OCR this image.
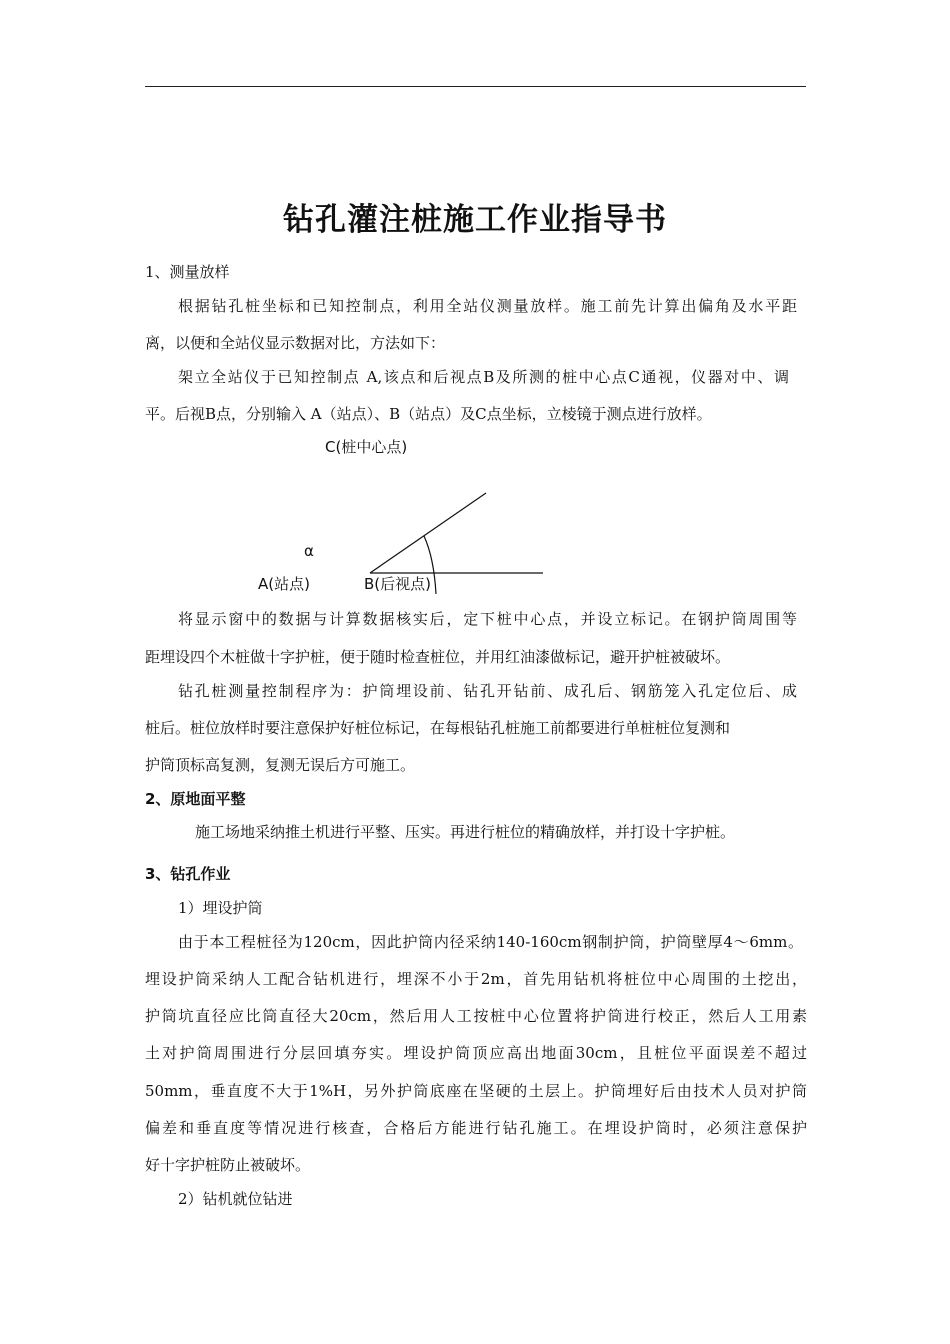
钻孔灌注桩施工作业指导书

1、测量放样

根据钻孔桩坐标和已知控制点，利用全站仪测量放样。施工前先计算出偏角及水平距

离，以便和全站仪显示数据对比，方法如下：

架立全站仪于已知控制点 A,该点和后视点B及所测的桩中心点C通视，仪器对中、调

平。后视B点，分别输入 A（站点）、B（站点）及C点坐标，立棱镜于测点进行放样。

C(桩中心点)
α
A(站点)	B(后视点)

将显示窗中的数据与计算数据核实后，定下桩中心点，并设立标记。在钢护筒周围等

距埋设四个木桩做十字护桩，便于随时检查桩位，并用红油漆做标记，避开护桩被破坏。

钻孔桩测量控制程序为：护筒埋设前、钻孔开钻前、成孔后、钢筋笼入孔定位后、成

桩后。桩位放样时要注意保护好桩位标记，在每根钻孔桩施工前都要进行单桩桩位复测和

护筒顶标高复测，复测无误后方可施工。

2、原地面平整

施工场地采纳推土机进行平整、压实。再进行桩位的精确放样，并打设十字护桩。

3、钻孔作业

1）埋设护筒

由于本工程桩径为120cm，因此护筒内径采纳140-160cm钢制护筒，护筒壁厚4～6mm。

埋设护筒采纳人工配合钻机进行，埋深不小于2m，首先用钻机将桩位中心周围的土挖出，

护筒坑直径应比筒直径大20cm，然后用人工按桩中心位置将护筒进行校正，然后人工用素

土对护筒周围进行分层回填夯实。埋设护筒顶应高出地面30cm，且桩位平面误差不超过

50mm，垂直度不大于1%H，另外护筒底座在坚硬的土层上。护筒埋好后由技术人员对护筒

偏差和垂直度等情况进行核查，合格后方能进行钻孔施工。在埋设护筒时，必须注意保护

好十字护桩防止被破坏。

2）钻机就位钻进
